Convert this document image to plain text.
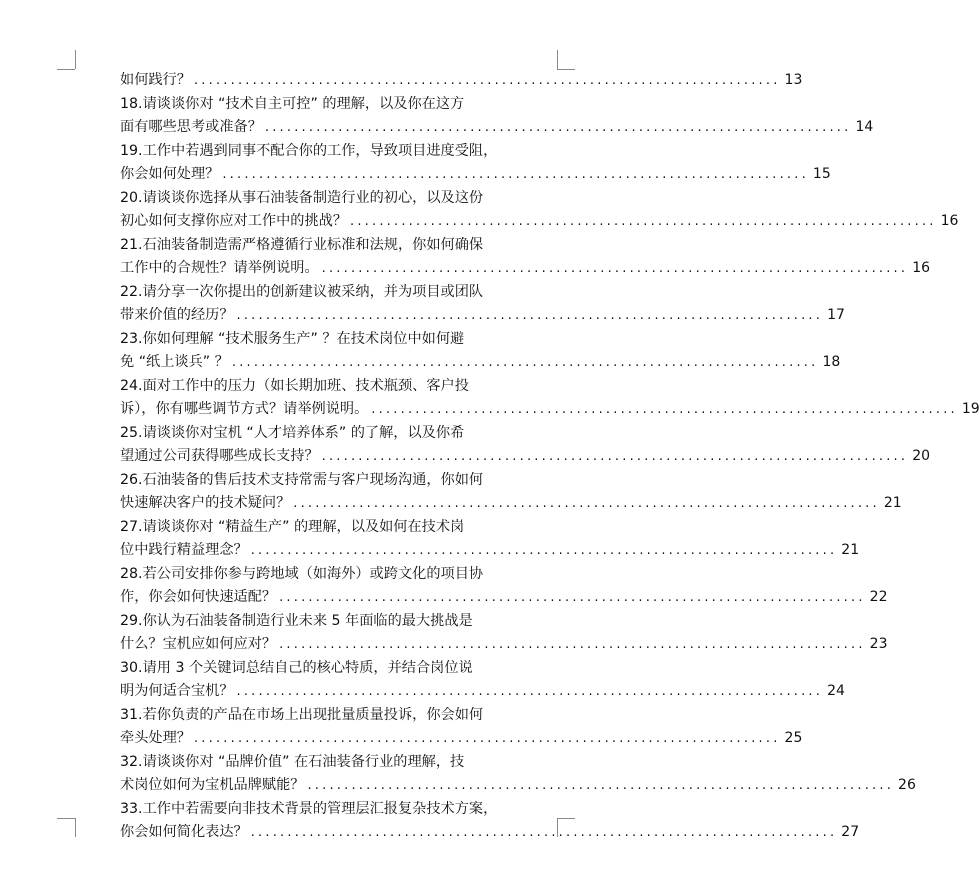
如何践行？ ................................................................................ 13
18.请谈谈你对 “技术自主可控” 的理解，以及你在这方
面有哪些思考或准备？ ................................................................................ 14
19.工作中若遇到同事不配合你的工作，导致项目进度受阻，
你会如何处理？ ................................................................................ 15
20.请谈谈你选择从事石油装备制造行业的初心，以及这份
初心如何支撑你应对工作中的挑战？ ................................................................................ 16
21.石油装备制造需严格遵循行业标准和法规，你如何确保
工作中的合规性？请举例说明。 ................................................................................ 16
22.请分享一次你提出的创新建议被采纳，并为项目或团队
带来价值的经历？ ................................................................................ 17
23.你如何理解 “技术服务生产” ？在技术岗位中如何避
免 “纸上谈兵” ？ ................................................................................ 18
24.面对工作中的压力（如长期加班、技术瓶颈、客户投
诉），你有哪些调节方式？请举例说明。 ................................................................................ 19
25.请谈谈你对宝机 “人才培养体系” 的了解，以及你希
望通过公司获得哪些成长支持？ ................................................................................ 20
26.石油装备的售后技术支持常需与客户现场沟通，你如何
快速解决客户的技术疑问？ ................................................................................ 21
27.请谈谈你对 “精益生产” 的理解，以及如何在技术岗
位中践行精益理念？ ................................................................................ 21
28.若公司安排你参与跨地域（如海外）或跨文化的项目协
作，你会如何快速适配？ ................................................................................ 22
29.你认为石油装备制造行业未来 5 年面临的最大挑战是
什么？宝机应如何应对？ ................................................................................ 23
30.请用 3 个关键词总结自己的核心特质，并结合岗位说
明为何适合宝机？ ................................................................................ 24
31.若你负责的产品在市场上出现批量质量投诉，你会如何
牵头处理？ ................................................................................ 25
32.请谈谈你对 “品牌价值” 在石油装备行业的理解，技
术岗位如何为宝机品牌赋能？ ................................................................................ 26
33.工作中若需要向非技术背景的管理层汇报复杂技术方案，
你会如何简化表达？ ................................................................................ 27
